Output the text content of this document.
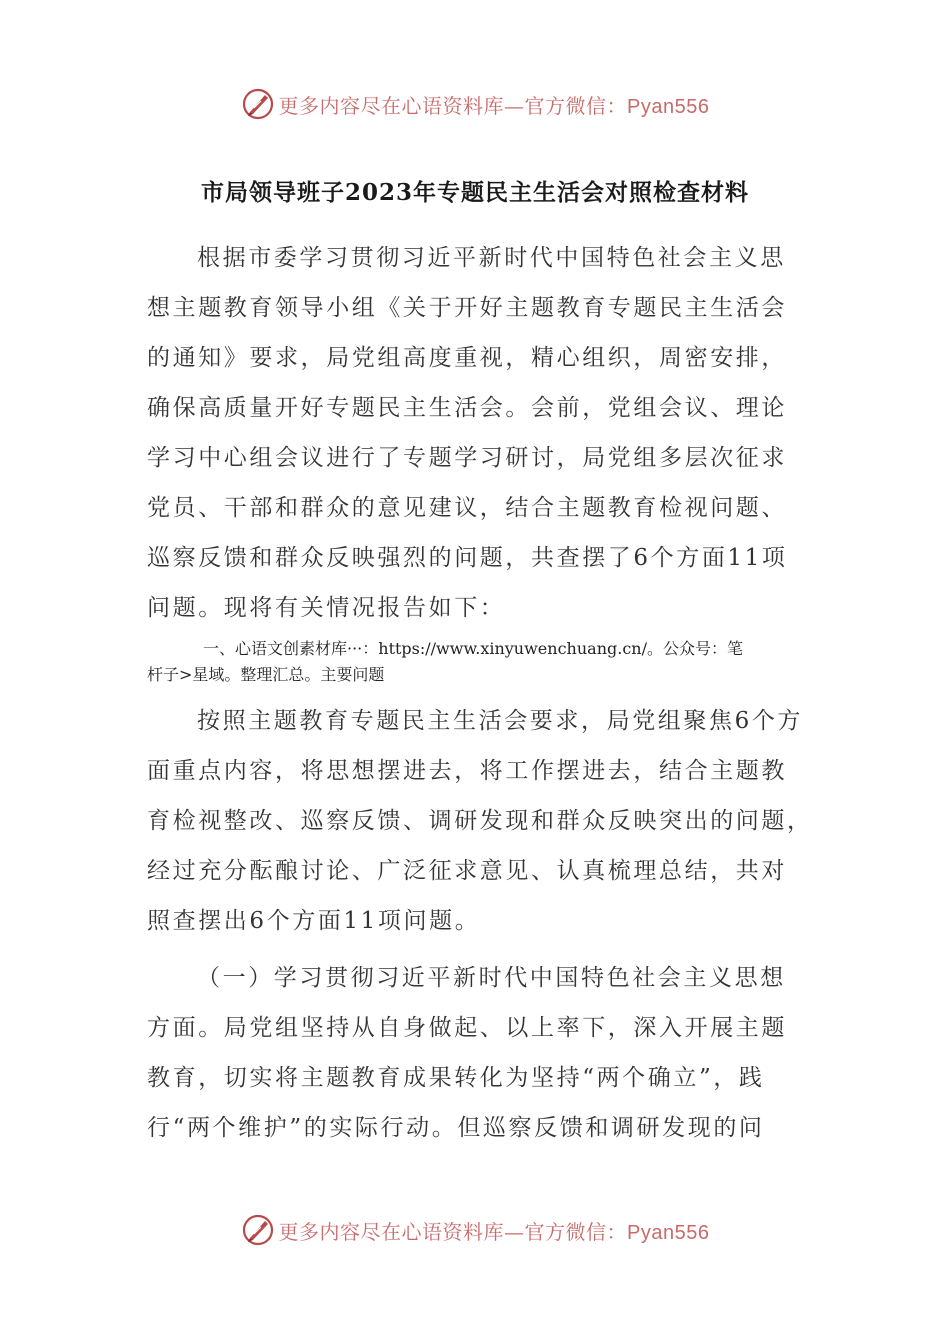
更多内容尽在心语资料库—官方微信：Pyan556
市局领导班子2023年专题民主生活会对照检查材料
根据市委学习贯彻习近平新时代中国特色社会主义思
想主题教育领导小组《关于开好主题教育专题民主生活会
的通知》要求，局党组高度重视，精心组织，周密安排，
确保高质量开好专题民主生活会。会前，党组会议、理论
学习中心组会议进行了专题学习研讨，局党组多层次征求
党员、干部和群众的意见建议，结合主题教育检视问题、
巡察反馈和群众反映强烈的问题，共查摆了6个方面11项
问题。现将有关情况报告如下：
一、心语文创素材库···：https://www.xinyuwenchuang.cn/。公众号：笔
杆子>星域。整理汇总。主要问题
按照主题教育专题民主生活会要求，局党组聚焦6个方
面重点内容，将思想摆进去，将工作摆进去，结合主题教
育检视整改、巡察反馈、调研发现和群众反映突出的问题，
经过充分酝酿讨论、广泛征求意见、认真梳理总结，共对
照查摆出6个方面11项问题。
（一）学习贯彻习近平新时代中国特色社会主义思想
方面。局党组坚持从自身做起、以上率下，深入开展主题
教育，切实将主题教育成果转化为坚持“两个确立”，践
行“两个维护”的实际行动。但巡察反馈和调研发现的问
更多内容尽在心语资料库—官方微信：Pyan556
